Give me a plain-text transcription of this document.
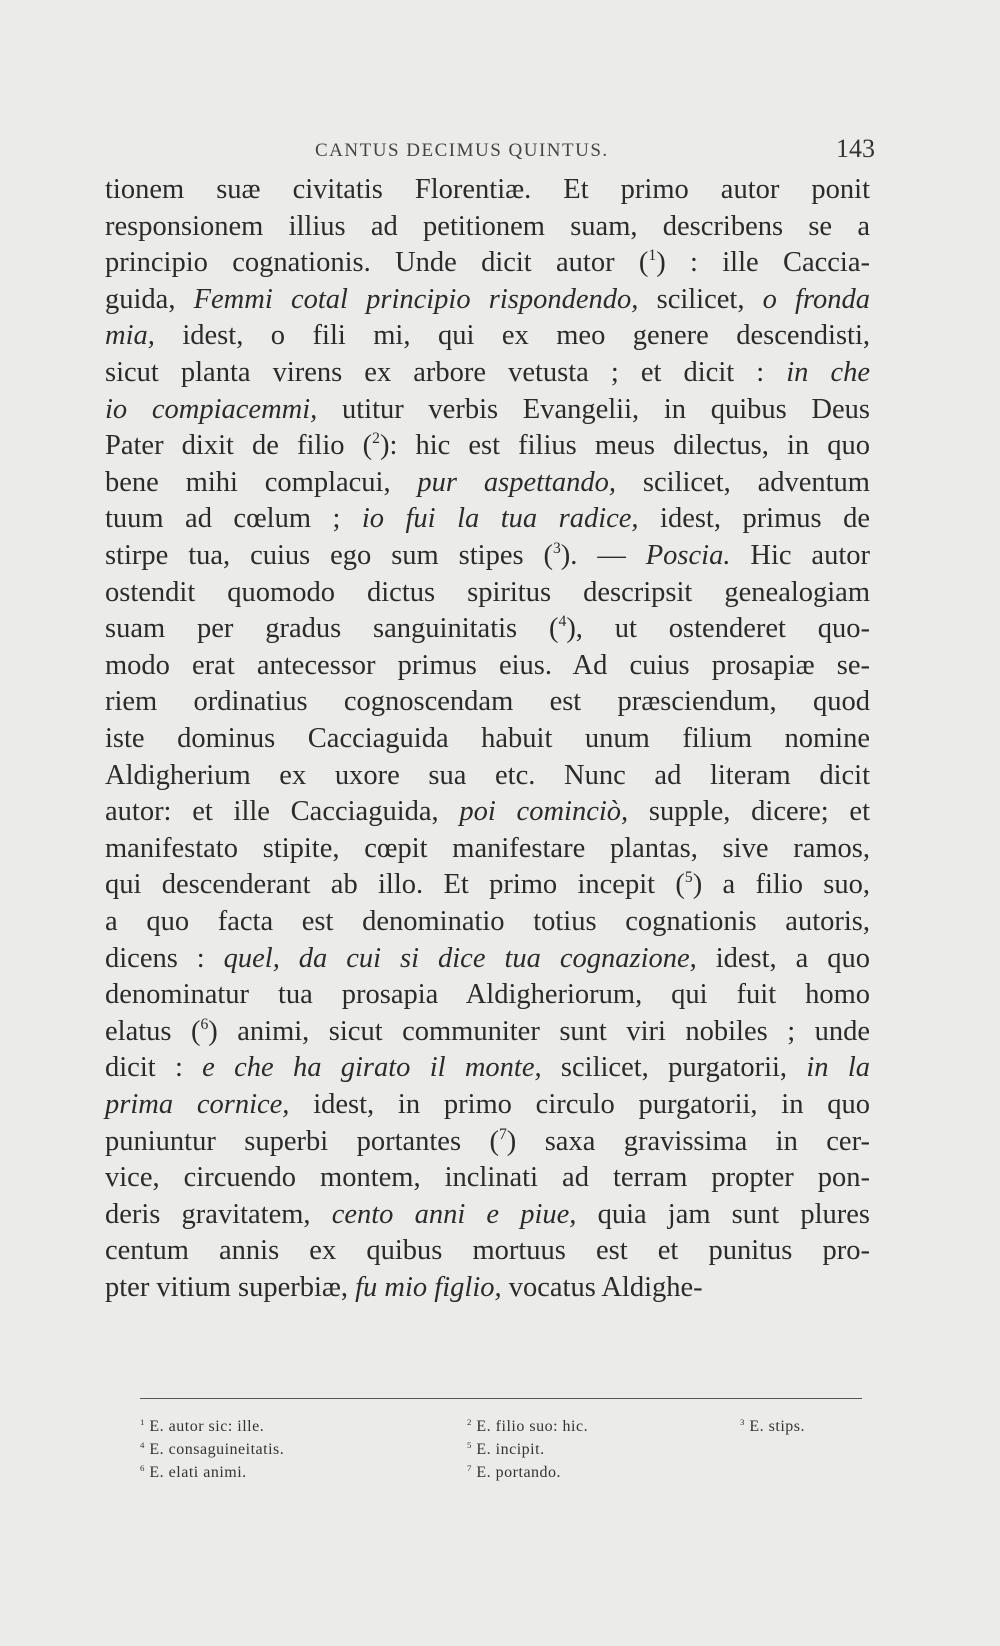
CANTUS DECIMUS QUINTUS.	143
tionem suæ civitatis Florentiæ. Et primo autor ponit
responsionem illius ad petitionem suam, describens se a
principio cognationis. Unde dicit autor ($^1$) : ille Caccia-
guida, Femmi cotal principio rispondendo, scilicet, o fronda
mia, idest, o fili mi, qui ex meo genere descendisti,
sicut planta virens ex arbore vetusta ; et dicit : in che
io compiacemmi, utitur verbis Evangelii, in quibus Deus
Pater dixit de filio ($^2$): hic est filius meus dilectus, in quo
bene mihi complacui, pur aspettando, scilicet, adventum
tuum ad cœlum ; io fui la tua radice, idest, primus de
stirpe tua, cuius ego sum stipes ($^3$). — Poscia. Hic autor
ostendit quomodo dictus spiritus descripsit genealogiam
suam per gradus sanguinitatis ($^4$), ut ostenderet quo-
modo erat antecessor primus eius. Ad cuius prosapiæ se-
riem ordinatius cognoscendam est præsciendum, quod
iste dominus Cacciaguida habuit unum filium nomine
Aldigherium ex uxore sua etc. Nunc ad literam dicit
autor: et ille Cacciaguida, poi cominciò, supple, dicere; et
manifestato stipite, cœpit manifestare plantas, sive ramos,
qui descenderant ab illo. Et primo incepit ($^5$) a filio suo,
a quo facta est denominatio totius cognationis autoris,
dicens : quel, da cui si dice tua cognazione, idest, a quo
denominatur tua prosapia Aldigheriorum, qui fuit homo
elatus ($^6$) animi, sicut communiter sunt viri nobiles ; unde
dicit : e che ha girato il monte, scilicet, purgatorii, in la
prima cornice, idest, in primo circulo purgatorii, in quo
puniuntur superbi portantes ($^7$) saxa gravissima in cer-
vice, circuendo montem, inclinati ad terram propter pon-
deris gravitatem, cento anni e piue, quia jam sunt plures
centum annis ex quibus mortuus est et punitus pro-
pter vitium superbiæ, fu mio figlio, vocatus Aldighe-
$^1$ E. autor sic: ille.	$^2$ E. filio suo: hic.	$^3$ E. stips.
$^4$ E. consaguineitatis.	$^5$ E. incipit.
$^6$ E. elati animi.	$^7$ E. portando.
